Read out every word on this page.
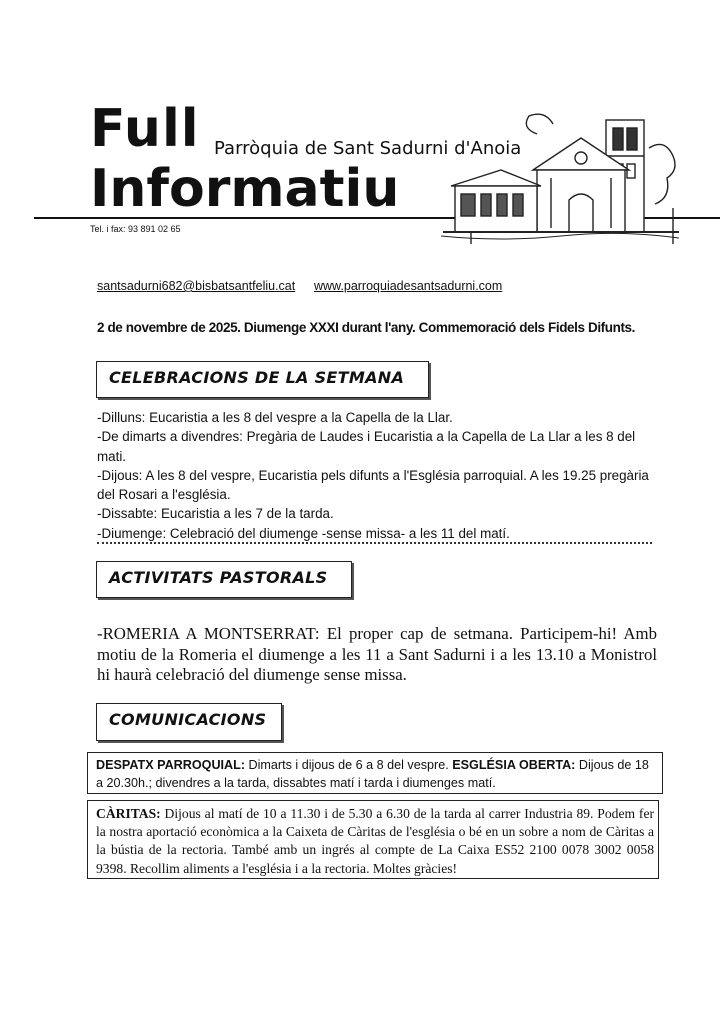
Full Parròquia de Sant Sadurni d'Anoia
Informatiu
Tel. i fax: 93 891 02 65
santsadurni682@bisbatsantfeliu.cat www.parroquiadesantsadurni.com
2 de novembre de 2025. Diumenge XXXI durant l'any. Commemoració dels Fidels Difunts.
CELEBRACIONS DE LA SETMANA
-Dilluns: Eucaristia a les 8 del vespre a la Capella de la Llar.
-De dimarts a divendres: Pregària de Laudes i Eucaristia a la Capella de La Llar a les 8 del mati.
-Dijous: A les 8 del vespre, Eucaristia pels difunts a l'Església parroquial. A les 19.25 pregària del Rosari a l'església.
-Dissabte: Eucaristia a les 7 de la tarda.
-Diumenge: Celebració del diumenge -sense missa- a les 11 del matí.
ACTIVITATS PASTORALS
-ROMERIA A MONTSERRAT: El proper cap de setmana. Participem-hi! Amb motiu de la Romeria el diumenge a les 11 a Sant Sadurni i a les 13.10 a Monistrol hi haurà celebració del diumenge sense missa.
COMUNICACIONS
DESPATX PARROQUIAL: Dimarts i dijous de 6 a 8 del vespre. ESGLÉSIA OBERTA: Dijous de 18 a 20.30h.; divendres a la tarda, dissabtes matí i tarda i diumenges matí.
CÀRITAS: Dijous al matí de 10 a 11.30 i de 5.30 a 6.30 de la tarda al carrer Industria 89. Podem fer la nostra aportació econòmica a la Caixeta de Càritas de l'església o bé en un sobre a nom de Càritas a la bústia de la rectoria. També amb un ingrés al compte de La Caixa ES52 2100 0078 3002 0058 9398. Recollim aliments a l'església i a la rectoria. Moltes gràcies!
